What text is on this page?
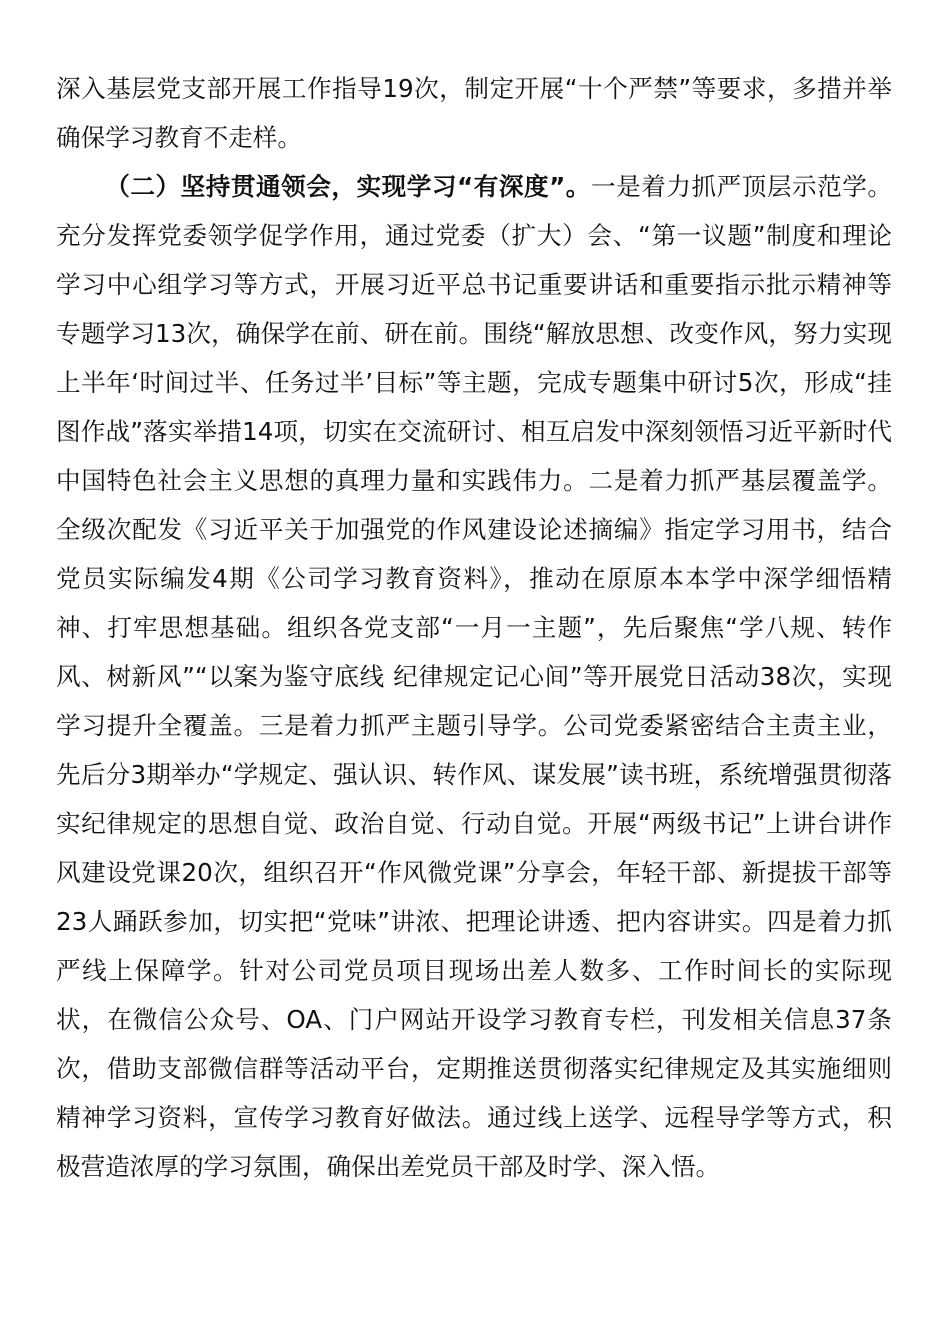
深入基层党支部开展工作指导19次，制定开展“十个严禁”等要求，多措并举确保学习教育不走样。

（二）坚持贯通领会，实现学习“有深度”。一是着力抓严顶层示范学。充分发挥党委领学促学作用，通过党委（扩大）会、“第一议题”制度和理论学习中心组学习等方式，开展习近平总书记重要讲话和重要指示批示精神等专题学习13次，确保学在前、研在前。围绕“解放思想、改变作风，努力实现上半年‘时间过半、任务过半’目标”等主题，完成专题集中研讨5次，形成“挂图作战”落实举措14项，切实在交流研讨、相互启发中深刻领悟习近平新时代中国特色社会主义思想的真理力量和实践伟力。二是着力抓严基层覆盖学。全级次配发《习近平关于加强党的作风建设论述摘编》指定学习用书，结合党员实际编发4期《公司学习教育资料》，推动在原原本本学中深学细悟精神、打牢思想基础。组织各党支部“一月一主题”，先后聚焦“学八规、转作风、树新风”“以案为鉴守底线 纪律规定记心间”等开展党日活动38次，实现学习提升全覆盖。三是着力抓严主题引导学。公司党委紧密结合主责主业，先后分3期举办“学规定、强认识、转作风、谋发展”读书班，系统增强贯彻落实纪律规定的思想自觉、政治自觉、行动自觉。开展“两级书记”上讲台讲作风建设党课20次，组织召开“作风微党课”分享会，年轻干部、新提拔干部等23人踊跃参加，切实把“党味”讲浓、把理论讲透、把内容讲实。四是着力抓严线上保障学。针对公司党员项目现场出差人数多、工作时间长的实际现状，在微信公众号、OA、门户网站开设学习教育专栏，刊发相关信息37条次，借助支部微信群等活动平台，定期推送贯彻落实纪律规定及其实施细则精神学习资料，宣传学习教育好做法。通过线上送学、远程导学等方式，积极营造浓厚的学习氛围，确保出差党员干部及时学、深入悟。
